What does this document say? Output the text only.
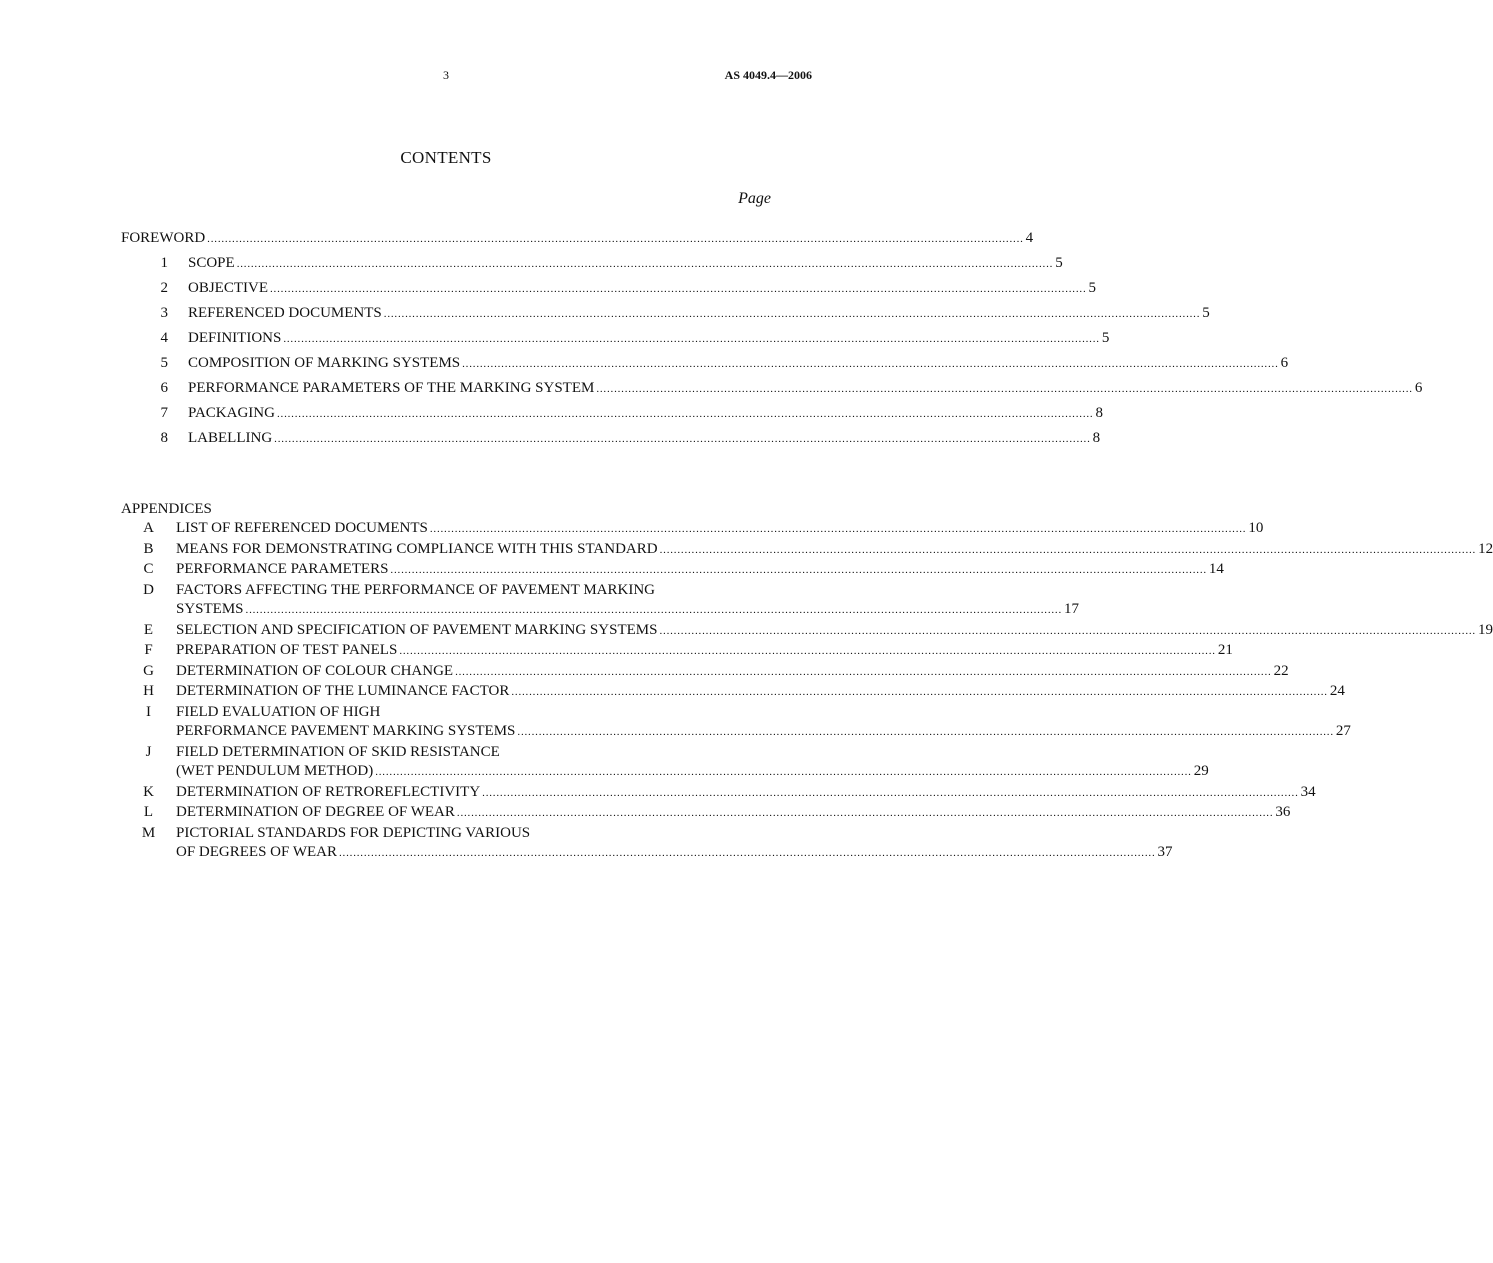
3	AS 4049.4—2006
CONTENTS
Page
FOREWORD .....	4
1	SCOPE .....	5
2	OBJECTIVE .....	5
3	REFERENCED DOCUMENTS .....	5
4	DEFINITIONS .....	5
5	COMPOSITION OF MARKING SYSTEMS .....	6
6	PERFORMANCE PARAMETERS OF THE MARKING SYSTEM .....	6
7	PACKAGING .....	8
8	LABELLING .....	8
APPENDICES
A	LIST OF REFERENCED DOCUMENTS .....	10
B	MEANS FOR DEMONSTRATING COMPLIANCE WITH THIS STANDARD .....	12
C	PERFORMANCE PARAMETERS .....	14
D	FACTORS AFFECTING THE PERFORMANCE OF PAVEMENT MARKING
SYSTEMS .....	17
E	SELECTION AND SPECIFICATION OF PAVEMENT MARKING SYSTEMS .....	19
F	PREPARATION OF TEST PANELS .....	21
G	DETERMINATION OF COLOUR CHANGE .....	22
H	DETERMINATION OF THE LUMINANCE FACTOR .....	24
I	FIELD EVALUATION OF HIGH
PERFORMANCE PAVEMENT MARKING SYSTEMS .....	27
J	FIELD DETERMINATION OF SKID RESISTANCE
(WET PENDULUM METHOD) .....	29
K	DETERMINATION OF RETROREFLECTIVITY .....	34
L	DETERMINATION OF DEGREE OF WEAR .....	36
M	PICTORIAL STANDARDS FOR DEPICTING VARIOUS
OF DEGREES OF WEAR .....	37
